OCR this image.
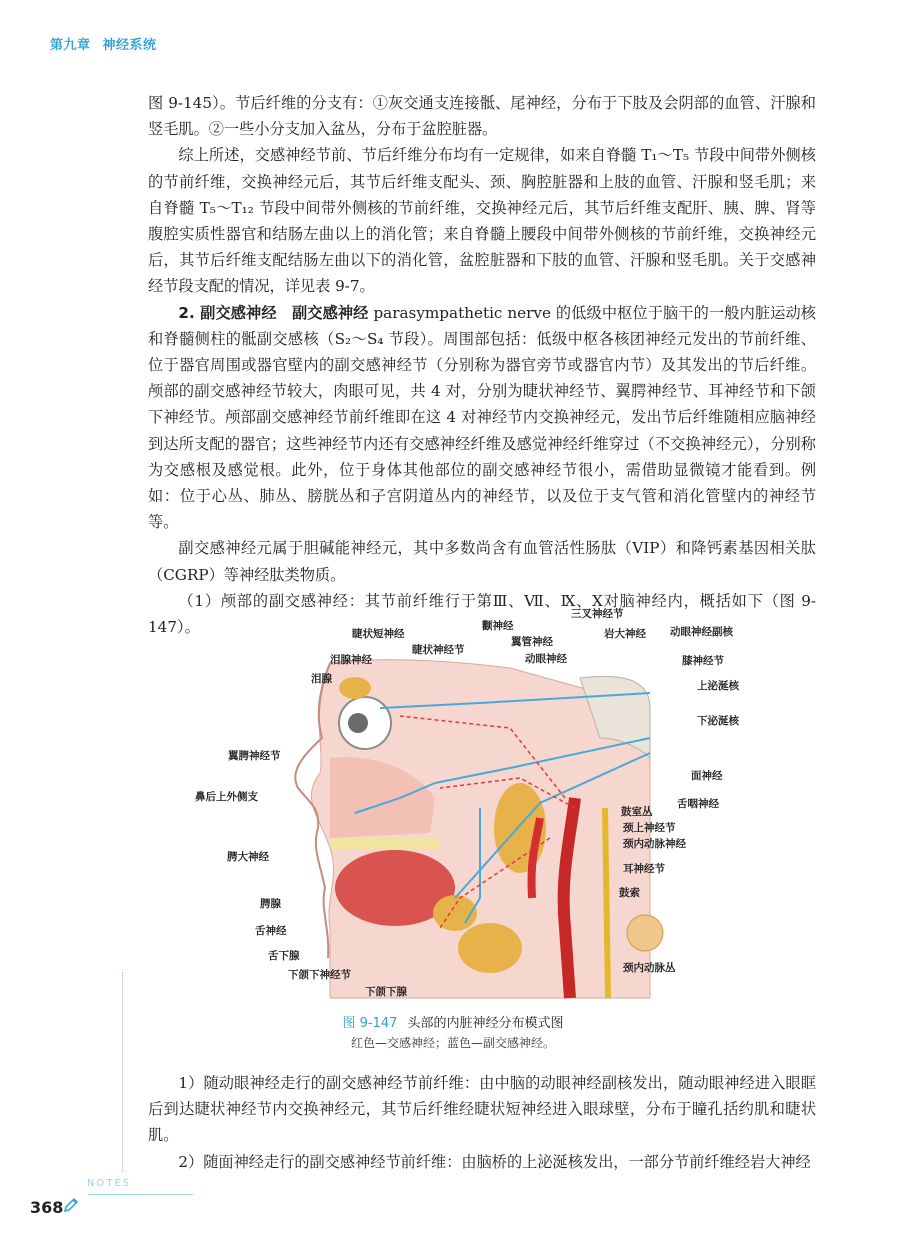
第九章 神经系统

图 9-145）。节后纤维的分支有：①灰交通支连接骶、尾神经，分布于下肢及会阴部的血管、汗腺和竖毛肌。②一些小分支加入盆丛，分布于盆腔脏器。

综上所述，交感神经节前、节后纤维分布均有一定规律，如来自脊髓 T₁～T₅ 节段中间带外侧核的节前纤维，交换神经元后，其节后纤维支配头、颈、胸腔脏器和上肢的血管、汗腺和竖毛肌；来自脊髓 T₅～T₁₂ 节段中间带外侧核的节前纤维，交换神经元后，其节后纤维支配肝、胰、脾、肾等腹腔实质性器官和结肠左曲以上的消化管；来自脊髓上腰段中间带外侧核的节前纤维，交换神经元后，其节后纤维支配结肠左曲以下的消化管，盆腔脏器和下肢的血管、汗腺和竖毛肌。关于交感神经节段支配的情况，详见表 9-7。

2. 副交感神经　副交感神经 parasympathetic nerve 的低级中枢位于脑干的一般内脏运动核和脊髓侧柱的骶副交感核（S₂～S₄ 节段）。周围部包括：低级中枢各核团神经元发出的节前纤维、位于器官周围或器官壁内的副交感神经节（分别称为器官旁节或器官内节）及其发出的节后纤维。颅部的副交感神经节较大，肉眼可见，共 4 对，分别为睫状神经节、翼腭神经节、耳神经节和下颌下神经节。颅部副交感神经节前纤维即在这 4 对神经节内交换神经元，发出节后纤维随相应脑神经到达所支配的器官；这些神经节内还有交感神经纤维及感觉神经纤维穿过（不交换神经元），分别称为交感根及感觉根。此外，位于身体其他部位的副交感神经节很小，需借助显微镜才能看到。例如：位于心丛、肺丛、膀胱丛和子宫阴道丛内的神经节，以及位于支气管和消化管壁内的神经节等。

副交感神经元属于胆碱能神经元，其中多数尚含有血管活性肠肽（VIP）和降钙素基因相关肽（CGRP）等神经肽类物质。

（1）颅部的副交感神经：其节前纤维行于第Ⅲ、Ⅶ、Ⅸ、Ⅹ对脑神经内，概括如下（图 9-147）。	睫状短神经
泪腺神经
泪腺
睫状神经节
颧神经
翼管神经
动眼神经
三叉神经节
岩大神经 动眼神经副核
膝神经节
上泌涎核
下泌涎核
翼腭神经节
鼻后上外侧支
面神经
舌咽神经
鼓室丛
颈上神经节
颈内动脉神经
腭大神经
耳神经节
鼓索
腭腺
舌神经
舌下腺
下颌下神经节
下颌下腺
颈内动脉丛
图 9-147 头部的内脏神经分布模式图
红色—交感神经；蓝色—副交感神经。

1）随动眼神经走行的副交感神经节前纤维：由中脑的动眼神经副核发出，随动眼神经进入眼眶后到达睫状神经节内交换神经元，其节后纤维经睫状短神经进入眼球壁，分布于瞳孔括约肌和睫状肌。

2）随面神经走行的副交感神经节前纤维：由脑桥的上泌涎核发出，一部分节前纤维经岩大神经

NOTES
368
